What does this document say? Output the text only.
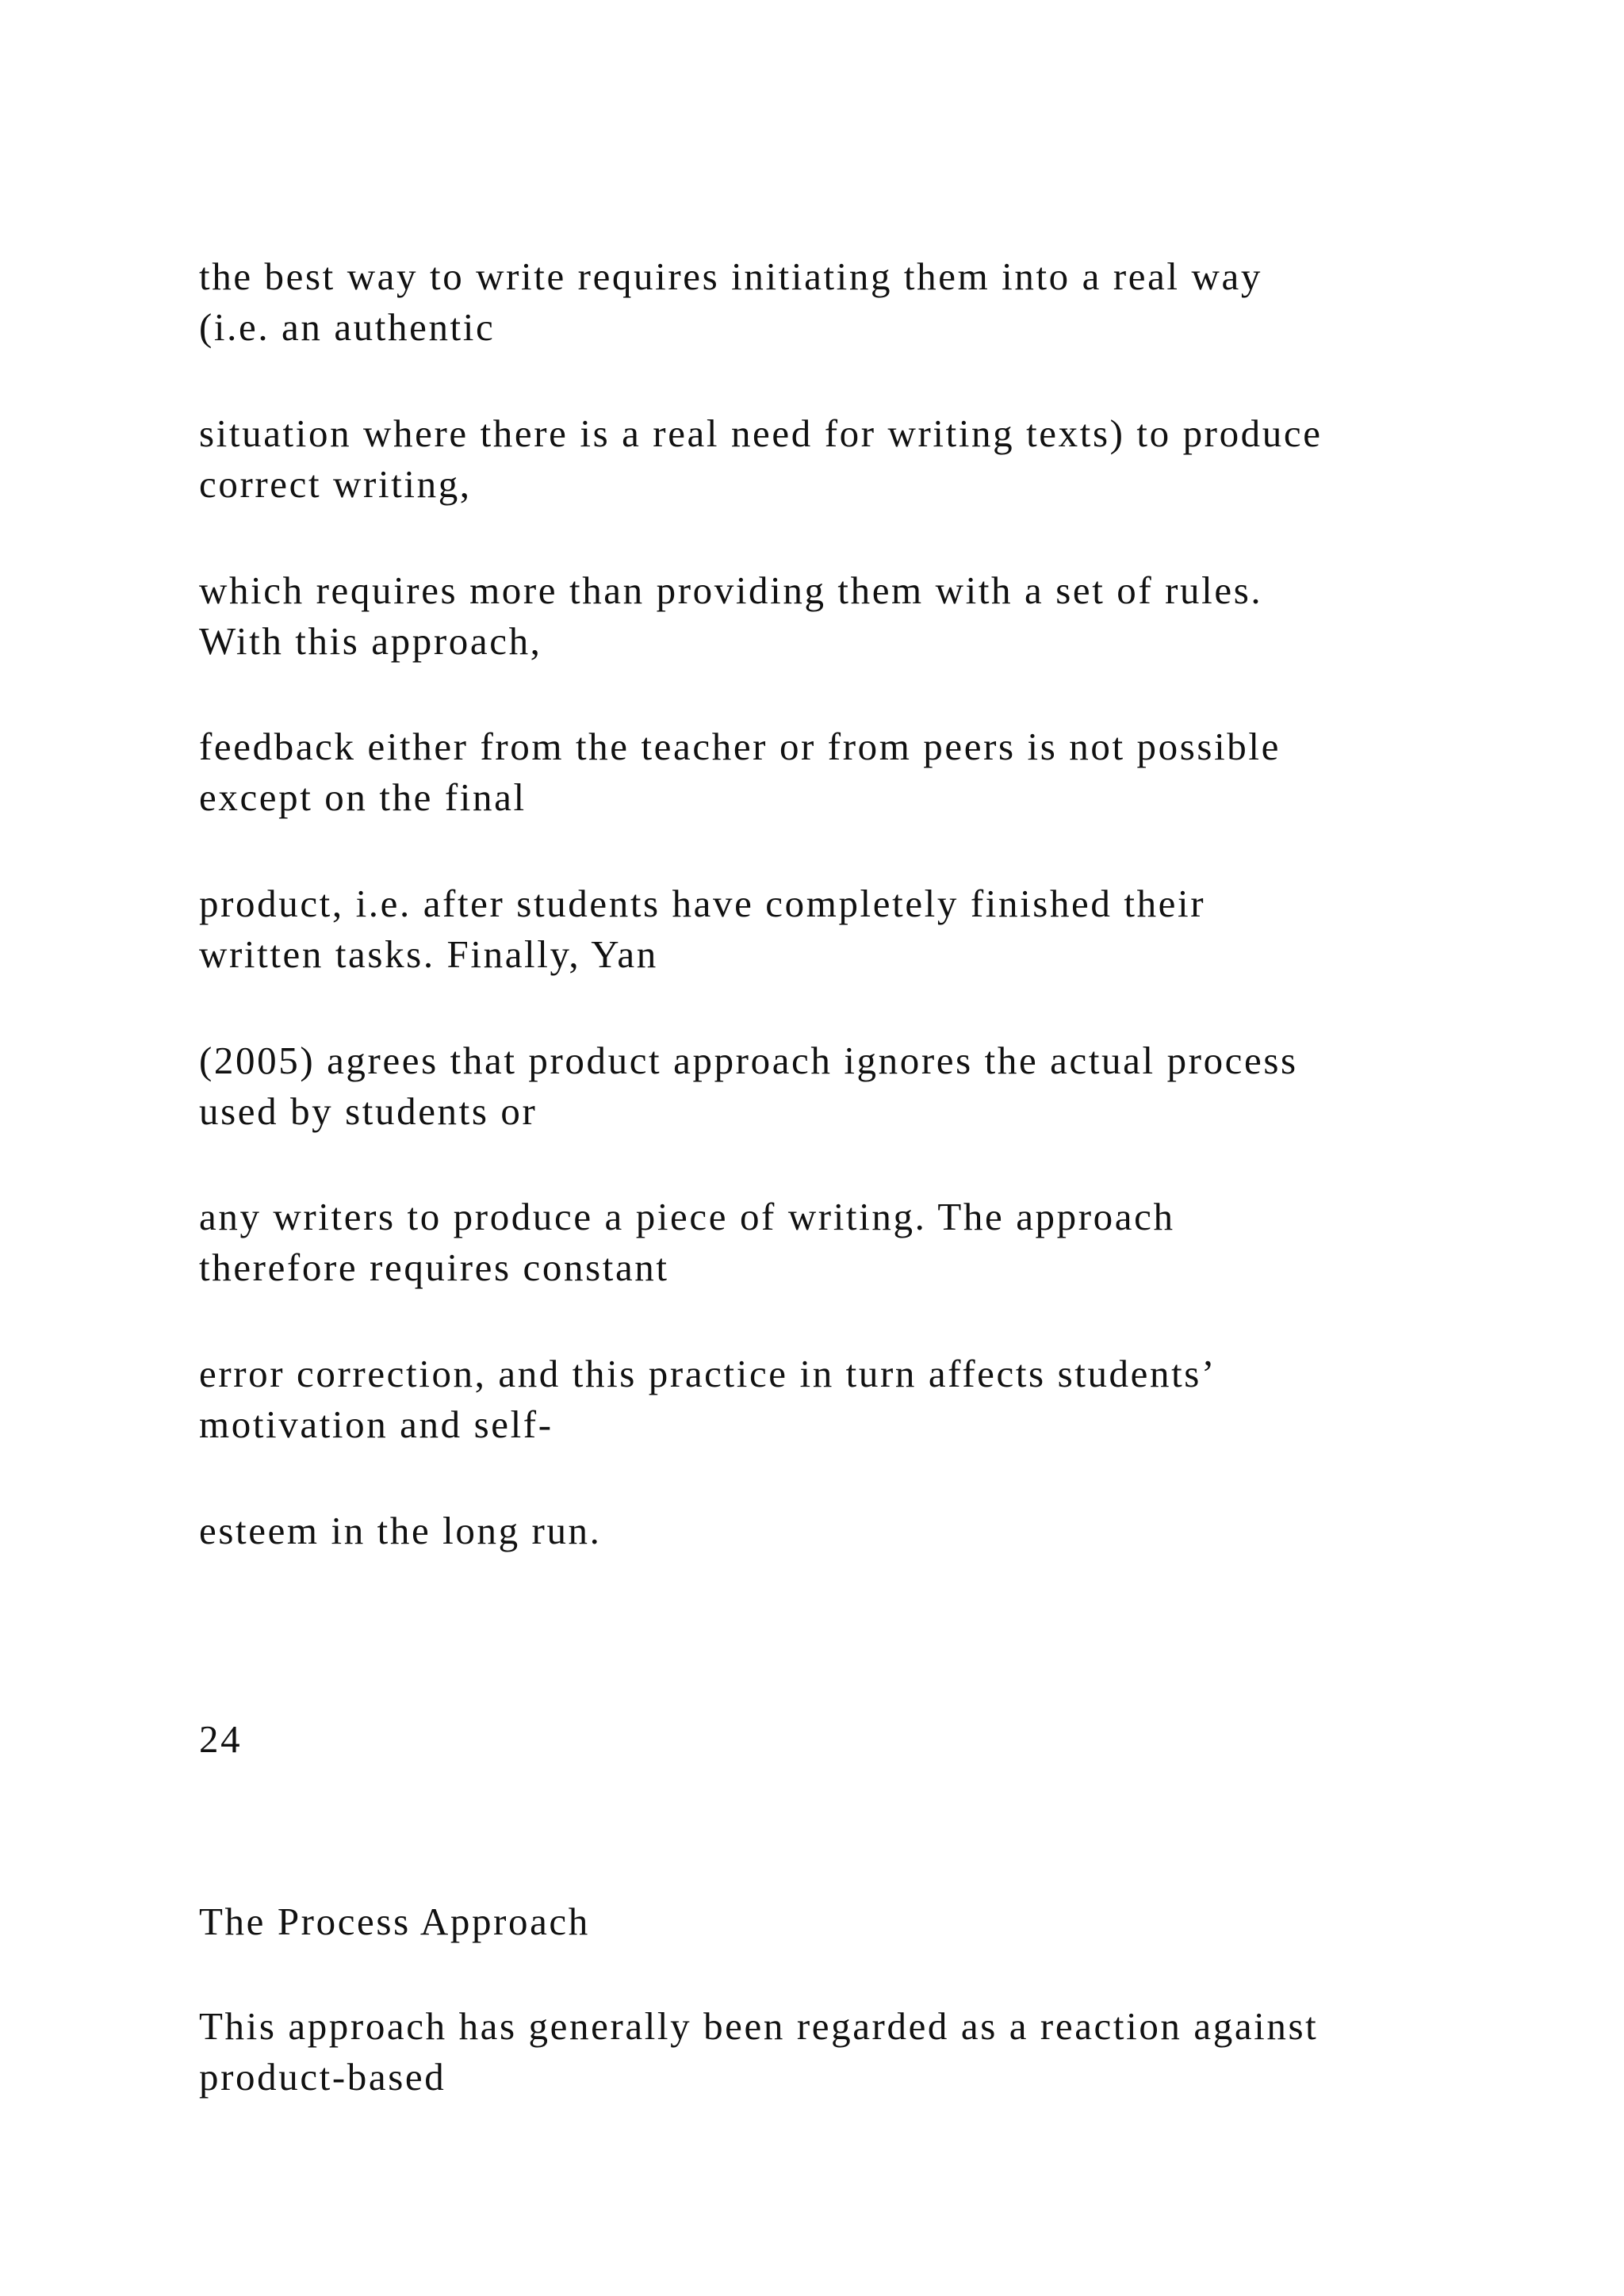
the best way to write requires initiating them into a real way

(i.e. an authentic

situation where there is a real need for writing texts) to produce

correct writing,

which requires more than providing them with a set of rules.

With this approach,

feedback either from the teacher or from peers is not possible

except on the final

product, i.e. after students have completely finished their

written tasks. Finally, Yan

(2005) agrees that product approach ignores the actual process

used by students or

any writers to produce a piece of writing. The approach

therefore requires constant

error correction, and this practice in turn affects students’

motivation and self-

esteem in the long run.

24

The Process Approach

This approach has generally been regarded as a reaction against

product-based
